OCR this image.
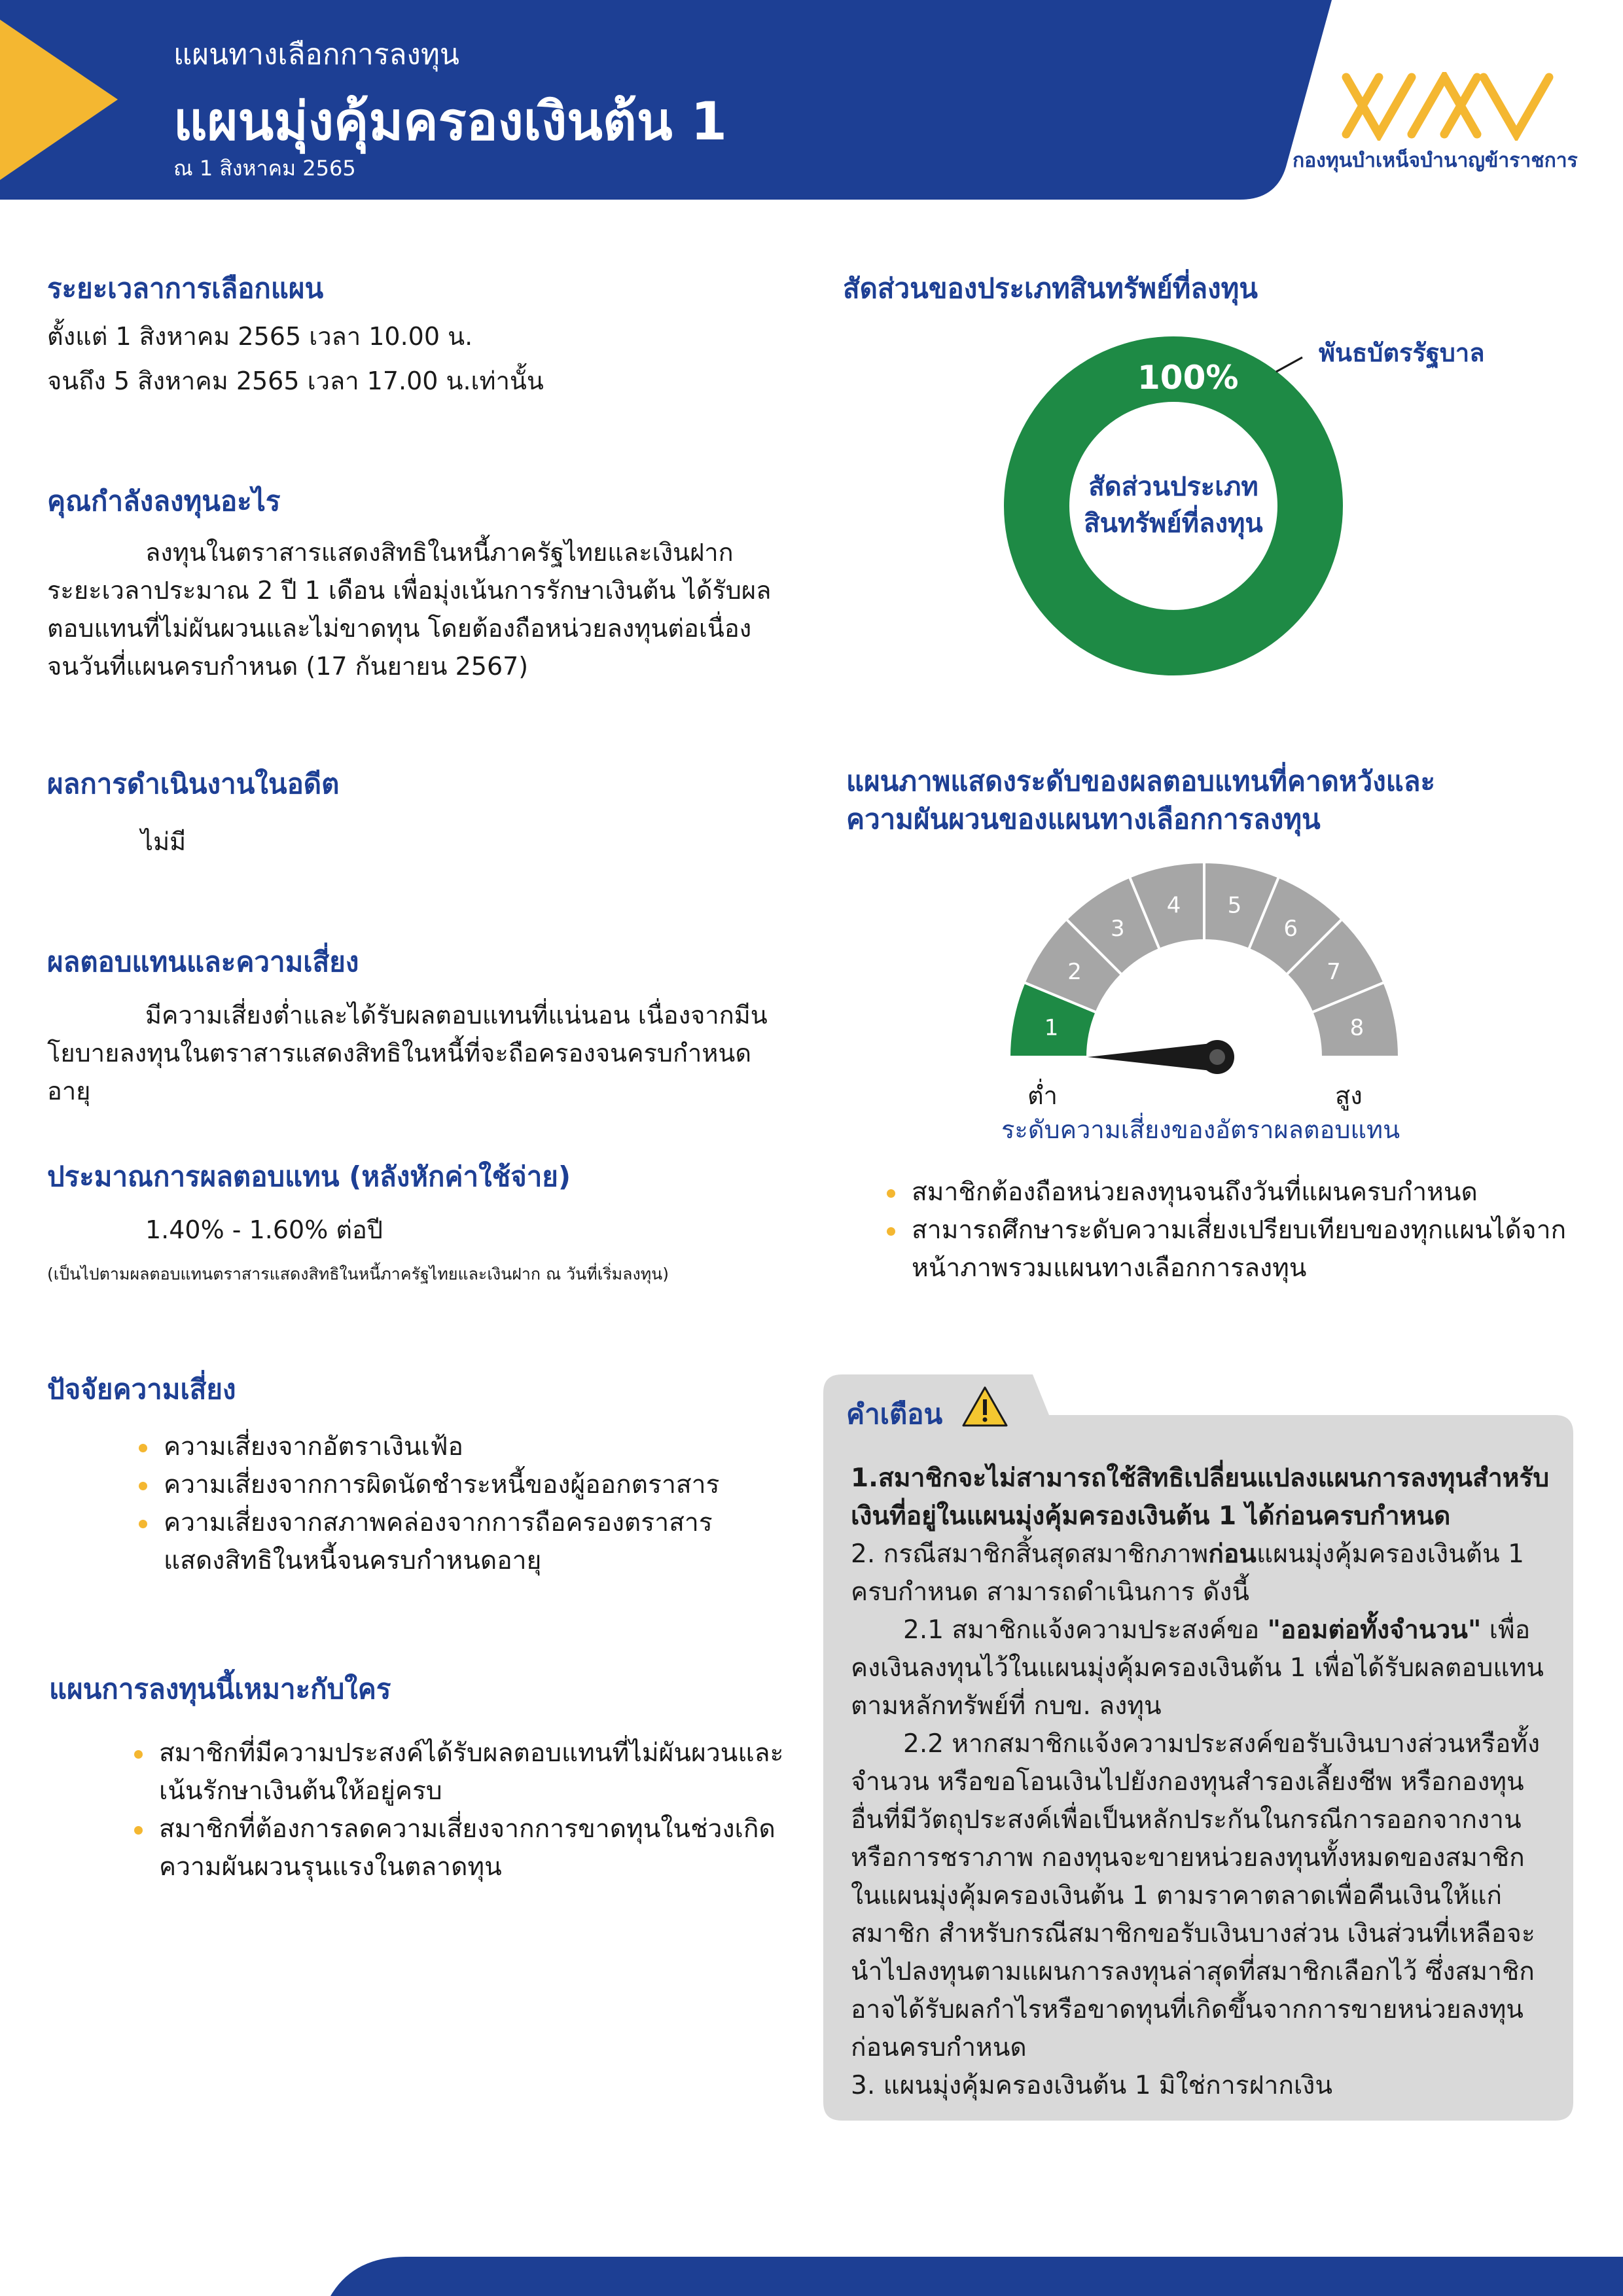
แผนทางเลือกการลงทุน
แผนมุ่งคุ้มครองเงินต้น 1
ณ 1 สิงหาคม 2565	กองทุนบำเหน็จบำนาญข้าราชการ
ระยะเวลาการเลือกแผน
ตั้งแต่ 1 สิงหาคม 2565 เวลา 10.00 น.
จนถึง 5 สิงหาคม 2565 เวลา 17.00 น.เท่านั้น
คุณกำลังลงทุนอะไร
ลงทุนในตราสารแสดงสิทธิในหนี้ภาครัฐไทยและเงินฝาก ระยะเวลาประมาณ 2 ปี 1 เดือน เพื่อมุ่งเน้นการรักษาเงินต้น ได้รับผลตอบแทนที่ไม่ผันผวนและไม่ขาดทุน โดยต้องถือหน่วยลงทุนต่อเนื่องจนวันที่แผนครบกำหนด (17 กันยายน 2567)
ผลการดำเนินงานในอดีต
ไม่มี
ผลตอบแทนและความเสี่ยง
มีความเสี่ยงต่ำและได้รับผลตอบแทนที่แน่นอน เนื่องจากมีนโยบายลงทุนในตราสารแสดงสิทธิในหนี้ที่จะถือครองจนครบกำหนดอายุ
ประมาณการผลตอบแทน (หลังหักค่าใช้จ่าย)
1.40% - 1.60% ต่อปี
(เป็นไปตามผลตอบแทนตราสารแสดงสิทธิในหนี้ภาครัฐไทยและเงินฝาก ณ วันที่เริ่มลงทุน)
ปัจจัยความเสี่ยง
ความเสี่ยงจากอัตราเงินเฟ้อ
ความเสี่ยงจากการผิดนัดชำระหนี้ของผู้ออกตราสาร
ความเสี่ยงจากสภาพคล่องจากการถือครองตราสารแสดงสิทธิในหนี้จนครบกำหนดอายุ
แผนการลงทุนนี้เหมาะกับใคร
สมาชิกที่มีความประสงค์ได้รับผลตอบแทนที่ไม่ผันผวนและเน้นรักษาเงินต้นให้อยู่ครบ
สมาชิกที่ต้องการลดความเสี่ยงจากการขาดทุนในช่วงเกิดความผันผวนรุนแรงในตลาดทุน
สัดส่วนของประเภทสินทรัพย์ที่ลงทุน
100%
พันธบัตรรัฐบาล
สัดส่วนประเภท
สินทรัพย์ที่ลงทุน
แผนภาพแสดงระดับของผลตอบแทนที่คาดหวังและ
ความผันผวนของแผนทางเลือกการลงทุน
1
2
3
4 5
6
7
8
ต่ำ	สูง
ระดับความเสี่ยงของอัตราผลตอบแทน
สมาชิกต้องถือหน่วยลงทุนจนถึงวันที่แผนครบกำหนด
สามารถศึกษาระดับความเสี่ยงเปรียบเทียบของทุกแผนได้จากหน้าภาพรวมแผนทางเลือกการลงทุน
คำเตือน

1.สมาชิกจะไม่สามารถใช้สิทธิเปลี่ยนแปลงแผนการลงทุนสำหรับเงินที่อยู่ในแผนมุ่งคุ้มครองเงินต้น 1 ได้ก่อนครบกำหนด

2. กรณีสมาชิกสิ้นสุดสมาชิกภาพก่อนแผนมุ่งคุ้มครองเงินต้น 1 ครบกำหนด สามารถดำเนินการ ดังนี้

2.1 สมาชิกแจ้งความประสงค์ขอ "ออมต่อทั้งจำนวน" เพื่อคงเงินลงทุนไว้ในแผนมุ่งคุ้มครองเงินต้น 1 เพื่อได้รับผลตอบแทนตามหลักทรัพย์ที่ กบข. ลงทุน

2.2 หากสมาชิกแจ้งความประสงค์ขอรับเงินบางส่วนหรือทั้งจำนวน หรือขอโอนเงินไปยังกองทุนสำรองเลี้ยงชีพ หรือกองทุนอื่นที่มีวัตถุประสงค์เพื่อเป็นหลักประกันในกรณีการออกจากงานหรือการชราภาพ กองทุนจะขายหน่วยลงทุนทั้งหมดของสมาชิกในแผนมุ่งคุ้มครองเงินต้น 1 ตามราคาตลาดเพื่อคืนเงินให้แก่สมาชิก สำหรับกรณีสมาชิกขอรับเงินบางส่วน เงินส่วนที่เหลือจะนำไปลงทุนตามแผนการลงทุนล่าสุดที่สมาชิกเลือกไว้ ซึ่งสมาชิกอาจได้รับผลกำไรหรือขาดทุนที่เกิดขึ้นจากการขายหน่วยลงทุนก่อนครบกำหนด

3. แผนมุ่งคุ้มครองเงินต้น 1 มิใช่การฝากเงิน
